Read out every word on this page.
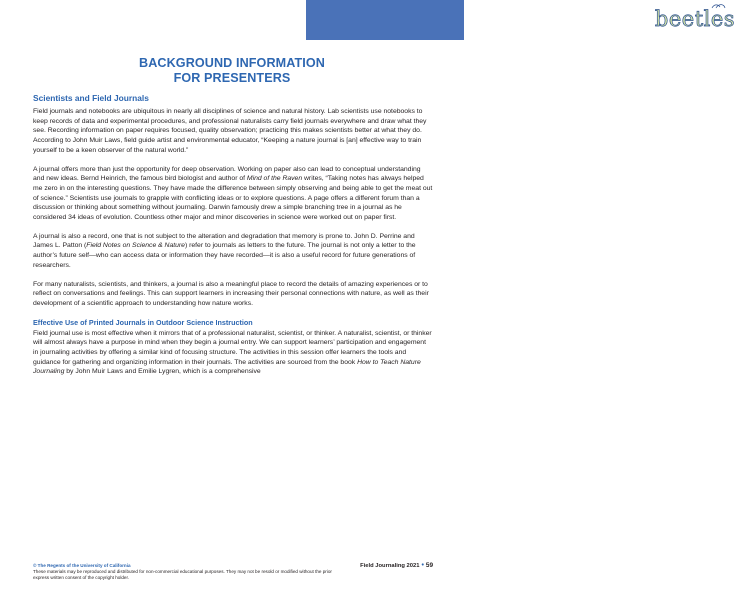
beetles
BACKGROUND INFORMATION
FOR PRESENTERS
Scientists and Field Journals

Field journals and notebooks are ubiquitous in nearly all disciplines of science and natural history. Lab scientists use notebooks to keep records of data and experimental procedures, and professional naturalists carry field journals everywhere and draw what they see. Recording information on paper requires focused, quality observation; practicing this makes scientists better at what they do. According to John Muir Laws, field guide artist and environmental educator, “Keeping a nature journal is [an] effective way to train yourself to be a keen observer of the natural world.”

A journal offers more than just the opportunity for deep observation. Working on paper also can lead to conceptual understanding and new ideas. Bernd Heinrich, the famous bird biologist and author of Mind of the Raven writes, “Taking notes has always helped me zero in on the interesting questions. They have made the difference between simply observing and being able to get the meat out of science.” Scientists use journals to grapple with conflicting ideas or to explore questions. A page offers a different forum than a discussion or thinking about something without journaling. Darwin famously drew a simple branching tree in a journal as he considered 34 ideas of evolution. Countless other major and minor discoveries in science were worked out on paper first.

A journal is also a record, one that is not subject to the alteration and degradation that memory is prone to. John D. Perrine and James L. Patton (Field Notes on Science & Nature) refer to journals as letters to the future. The journal is not only a letter to the author’s future self—who can access data or information they have recorded—it is also a useful record for future generations of researchers.

For many naturalists, scientists, and thinkers, a journal is also a meaningful place to record the details of amazing experiences or to reflect on conversations and feelings. This can support learners in increasing their personal connections with nature, as well as their development of a scientific approach to understanding how nature works.

Effective Use of Printed Journals in Outdoor Science Instruction

Field journal use is most effective when it mirrors that of a professional naturalist, scientist, or thinker. A naturalist, scientist, or thinker will almost always have a purpose in mind when they begin a journal entry. We can support learners’ participation and engagement in journaling activities by offering a similar kind of focusing structure. The activities in this session offer learners the tools and guidance for gathering and organizing information in their journals. The activities are sourced from the book How to Teach Nature Journaling by John Muir Laws and Emilie Lygren, which is a comprehensive

© The Regents of the University of California
These materials may be reproduced and distributed for non-commercial educational purposes. They may not be resold or modified without the prior express written consent of the copyright holder.
Field Journaling 2021 • 59
